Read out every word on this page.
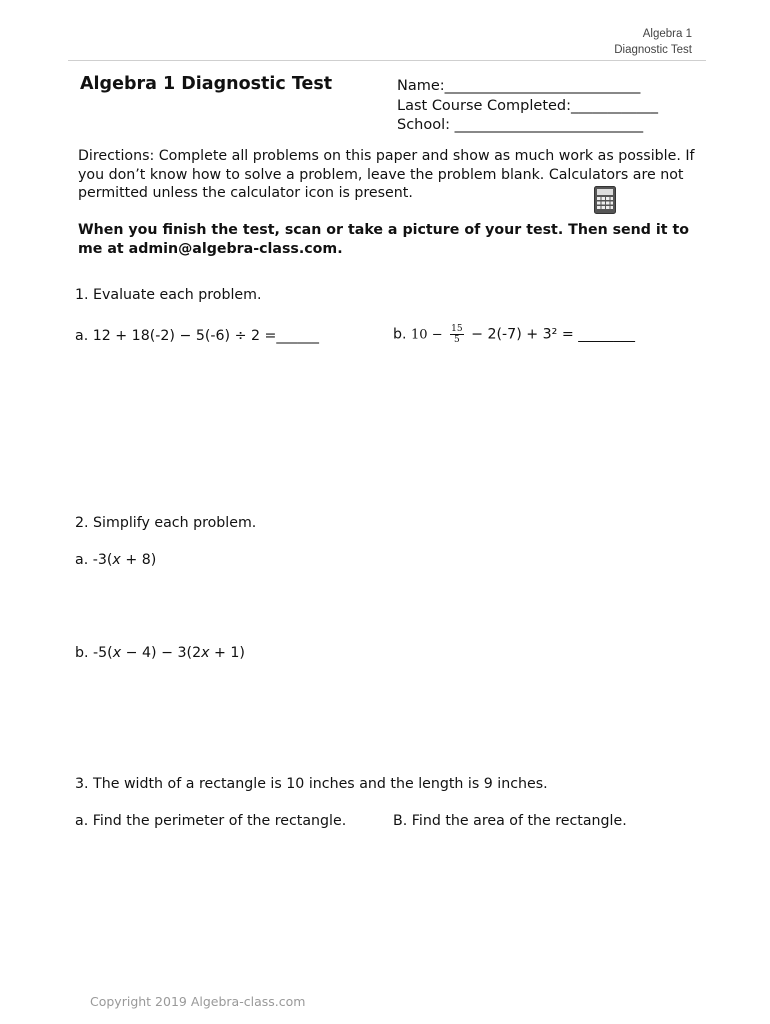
Algebra 1
Diagnostic Test
Algebra 1 Diagnostic Test	Name:___________________________
Last Course Completed:____________
School: __________________________
Directions: Complete all problems on this paper and show as much work as possible. If you don’t know how to solve a problem, leave the problem blank. Calculators are not permitted unless the calculator icon is present.
When you finish the test, scan or take a picture of your test. Then send it to me at admin@algebra-class.com.
1. Evaluate each problem.
a. 12 + 18(-2) − 5(-6) ÷ 2 =______	b. $10 - \frac{15}{5} - 2(-7) + 3^2$ = ________
2. Simplify each problem.
a. -3(x + 8)
b. -5(x − 4) − 3(2x + 1)
3. The width of a rectangle is 10 inches and the length is 9 inches.
a. Find the perimeter of the rectangle.	B. Find the area of the rectangle.
Copyright 2019 Algebra-class.com
